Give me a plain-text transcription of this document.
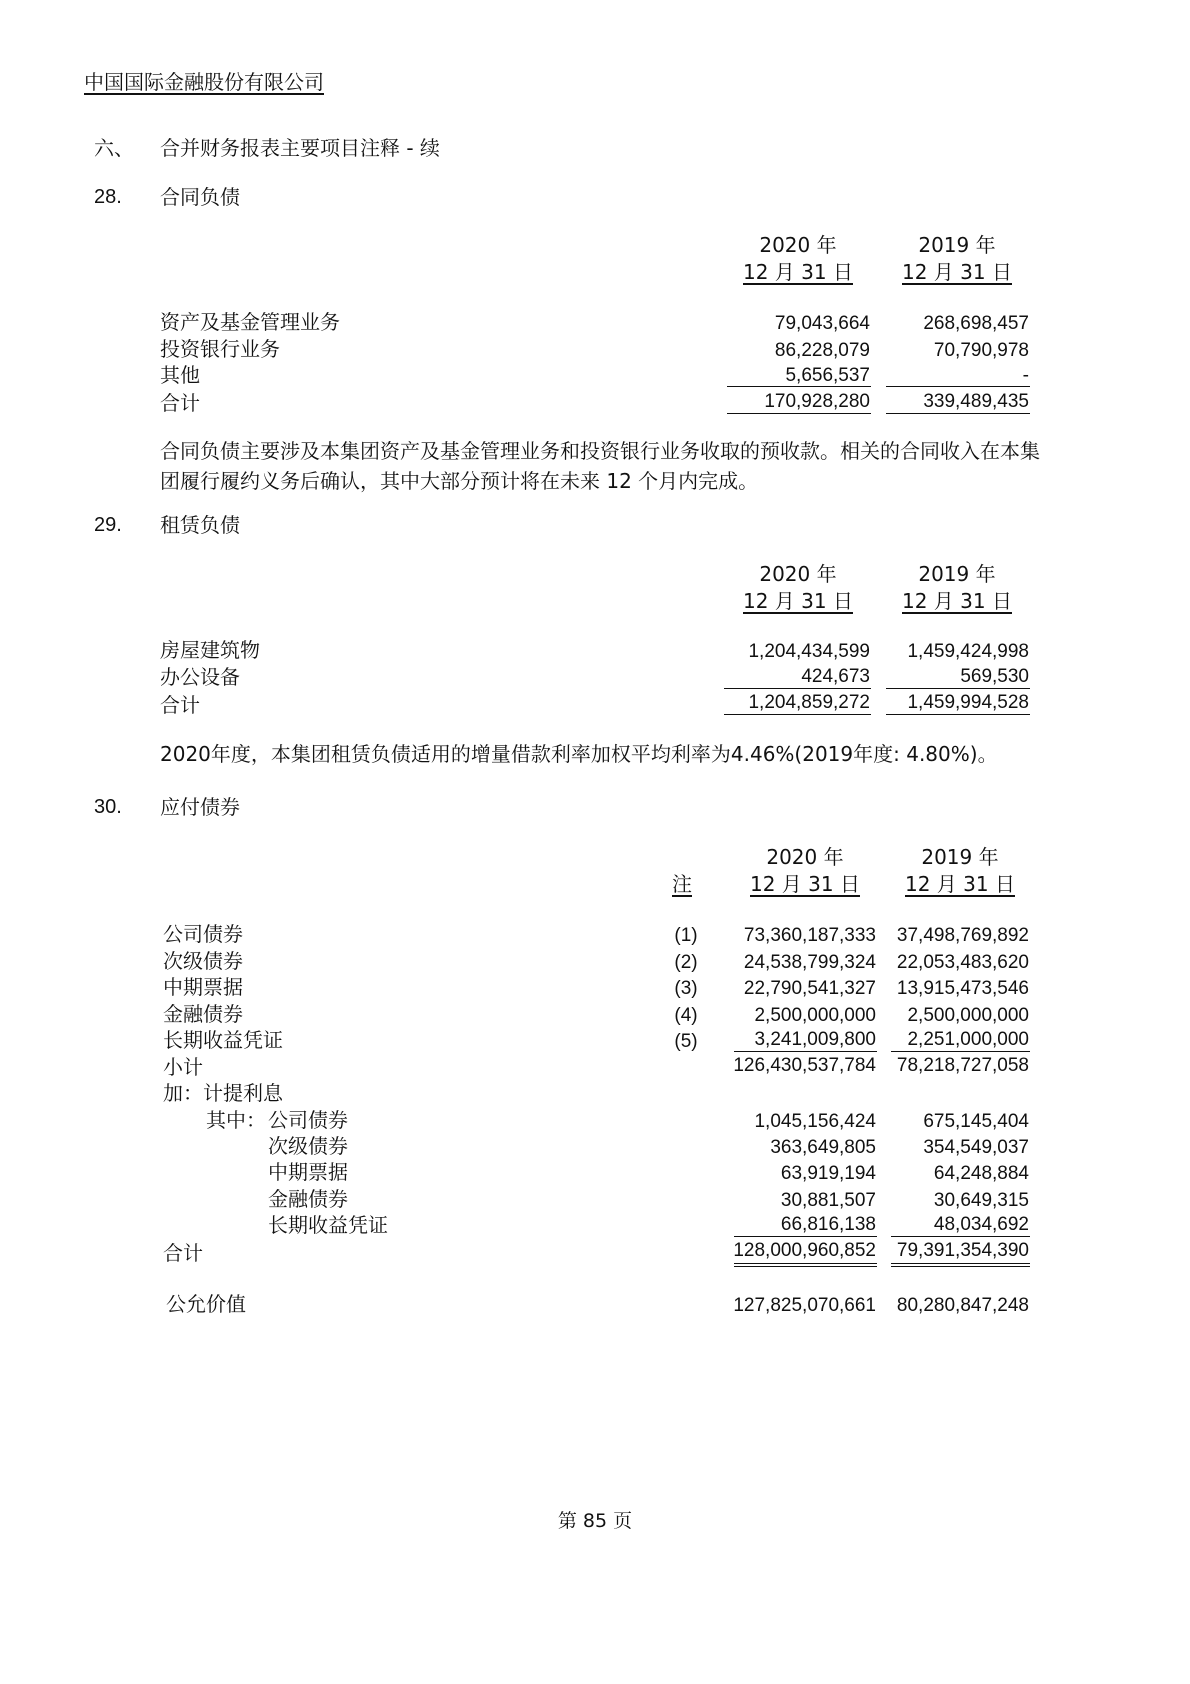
中国国际金融股份有限公司
六、 合并财务报表主要项目注释 - 续
28. 合同负债
2020 年
12 月 31 日
2019 年
12 月 31 日
资产及基金管理业务	79,043,664	268,698,457
投资银行业务	86,228,079	70,790,978
其他	5,656,537	-
合计	170,928,280	339,489,435
合同负债主要涉及本集团资产及基金管理业务和投资银行业务收取的预收款。相关的合同收入在本集团履行履约义务后确认，其中大部分预计将在未来 12 个月内完成。
29. 租赁负债
2020 年
12 月 31 日
2019 年
12 月 31 日
房屋建筑物	1,204,434,599 1,459,424,998
办公设备	424,673	569,530
合计	1,204,859,272 1,459,994,528
2020年度，本集团租赁负债适用的增量借款利率加权平均利率为4.46%(2019年度: 4.80%)。
30. 应付债券
注
2020 年
12 月 31 日
2019 年
12 月 31 日
公司债券	(1)	73,360,187,333 37,498,769,892
次级债券	(2)	24,538,799,324 22,053,483,620
中期票据	(3)	22,790,541,327 13,915,473,546
金融债券	(4)	2,500,000,000 2,500,000,000
长期收益凭证	(5)	3,241,009,800 2,251,000,000
小计	126,430,537,784 78,218,727,058
加：计提利息
其中： 公司债券	1,045,156,424 675,145,404
次级债券	363,649,805 354,549,037
中期票据	63,919,194	64,248,884
金融债券	30,881,507	30,649,315
长期收益凭证	66,816,138	48,034,692
合计	128,000,960,852 79,391,354,390
公允价值	127,825,070,661 80,280,847,248
第 85 页
